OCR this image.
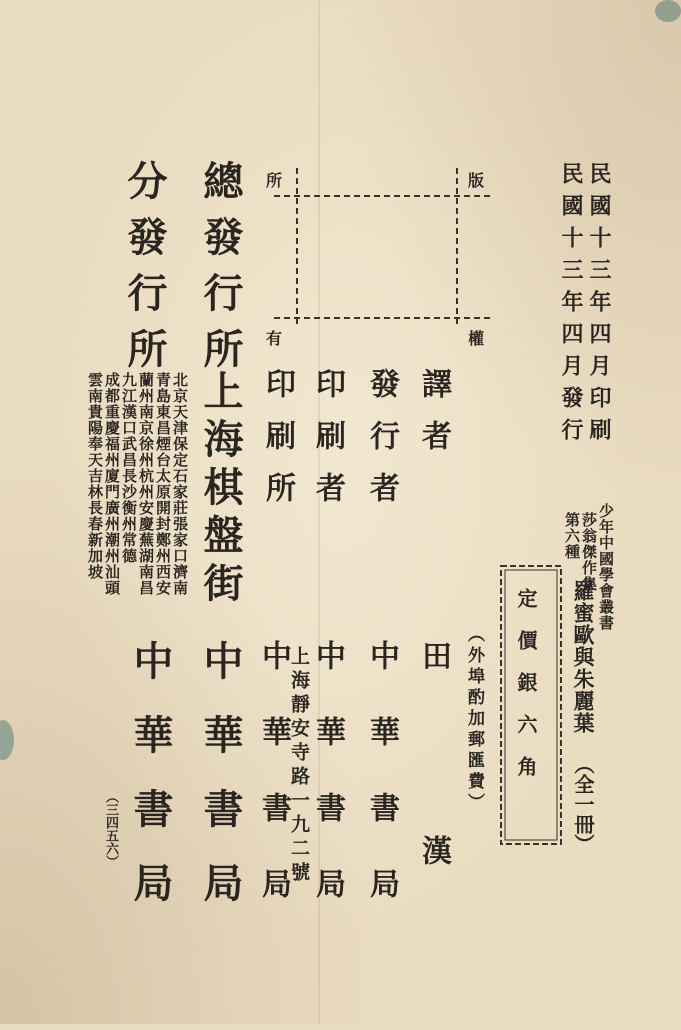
民國十三年四月印刷
民國十三年四月發行
少年中國學會叢書
莎翁傑作集
第六種
羅蜜歐與朱麗葉
（全一冊）
定價銀六角
（外埠酌加郵匯費）
版
權
所
有
譯者
田漢
發行者
中華書局
印刷者
中華書局
印刷所
上海靜安寺路一九二號
中華書局
總發行所
上海棋盤街
中華書局
分發行所
北京天津保定石家莊張家口濟南
青島東昌煙台太原開封鄭州西安
蘭州南京徐州杭州安慶蕪湖南昌
九江漢口武昌長沙衡州常德
成都重慶福州廈門廣州潮州汕頭
雲南貴陽奉天吉林長春新加坡
中華書局
（三四五六）
